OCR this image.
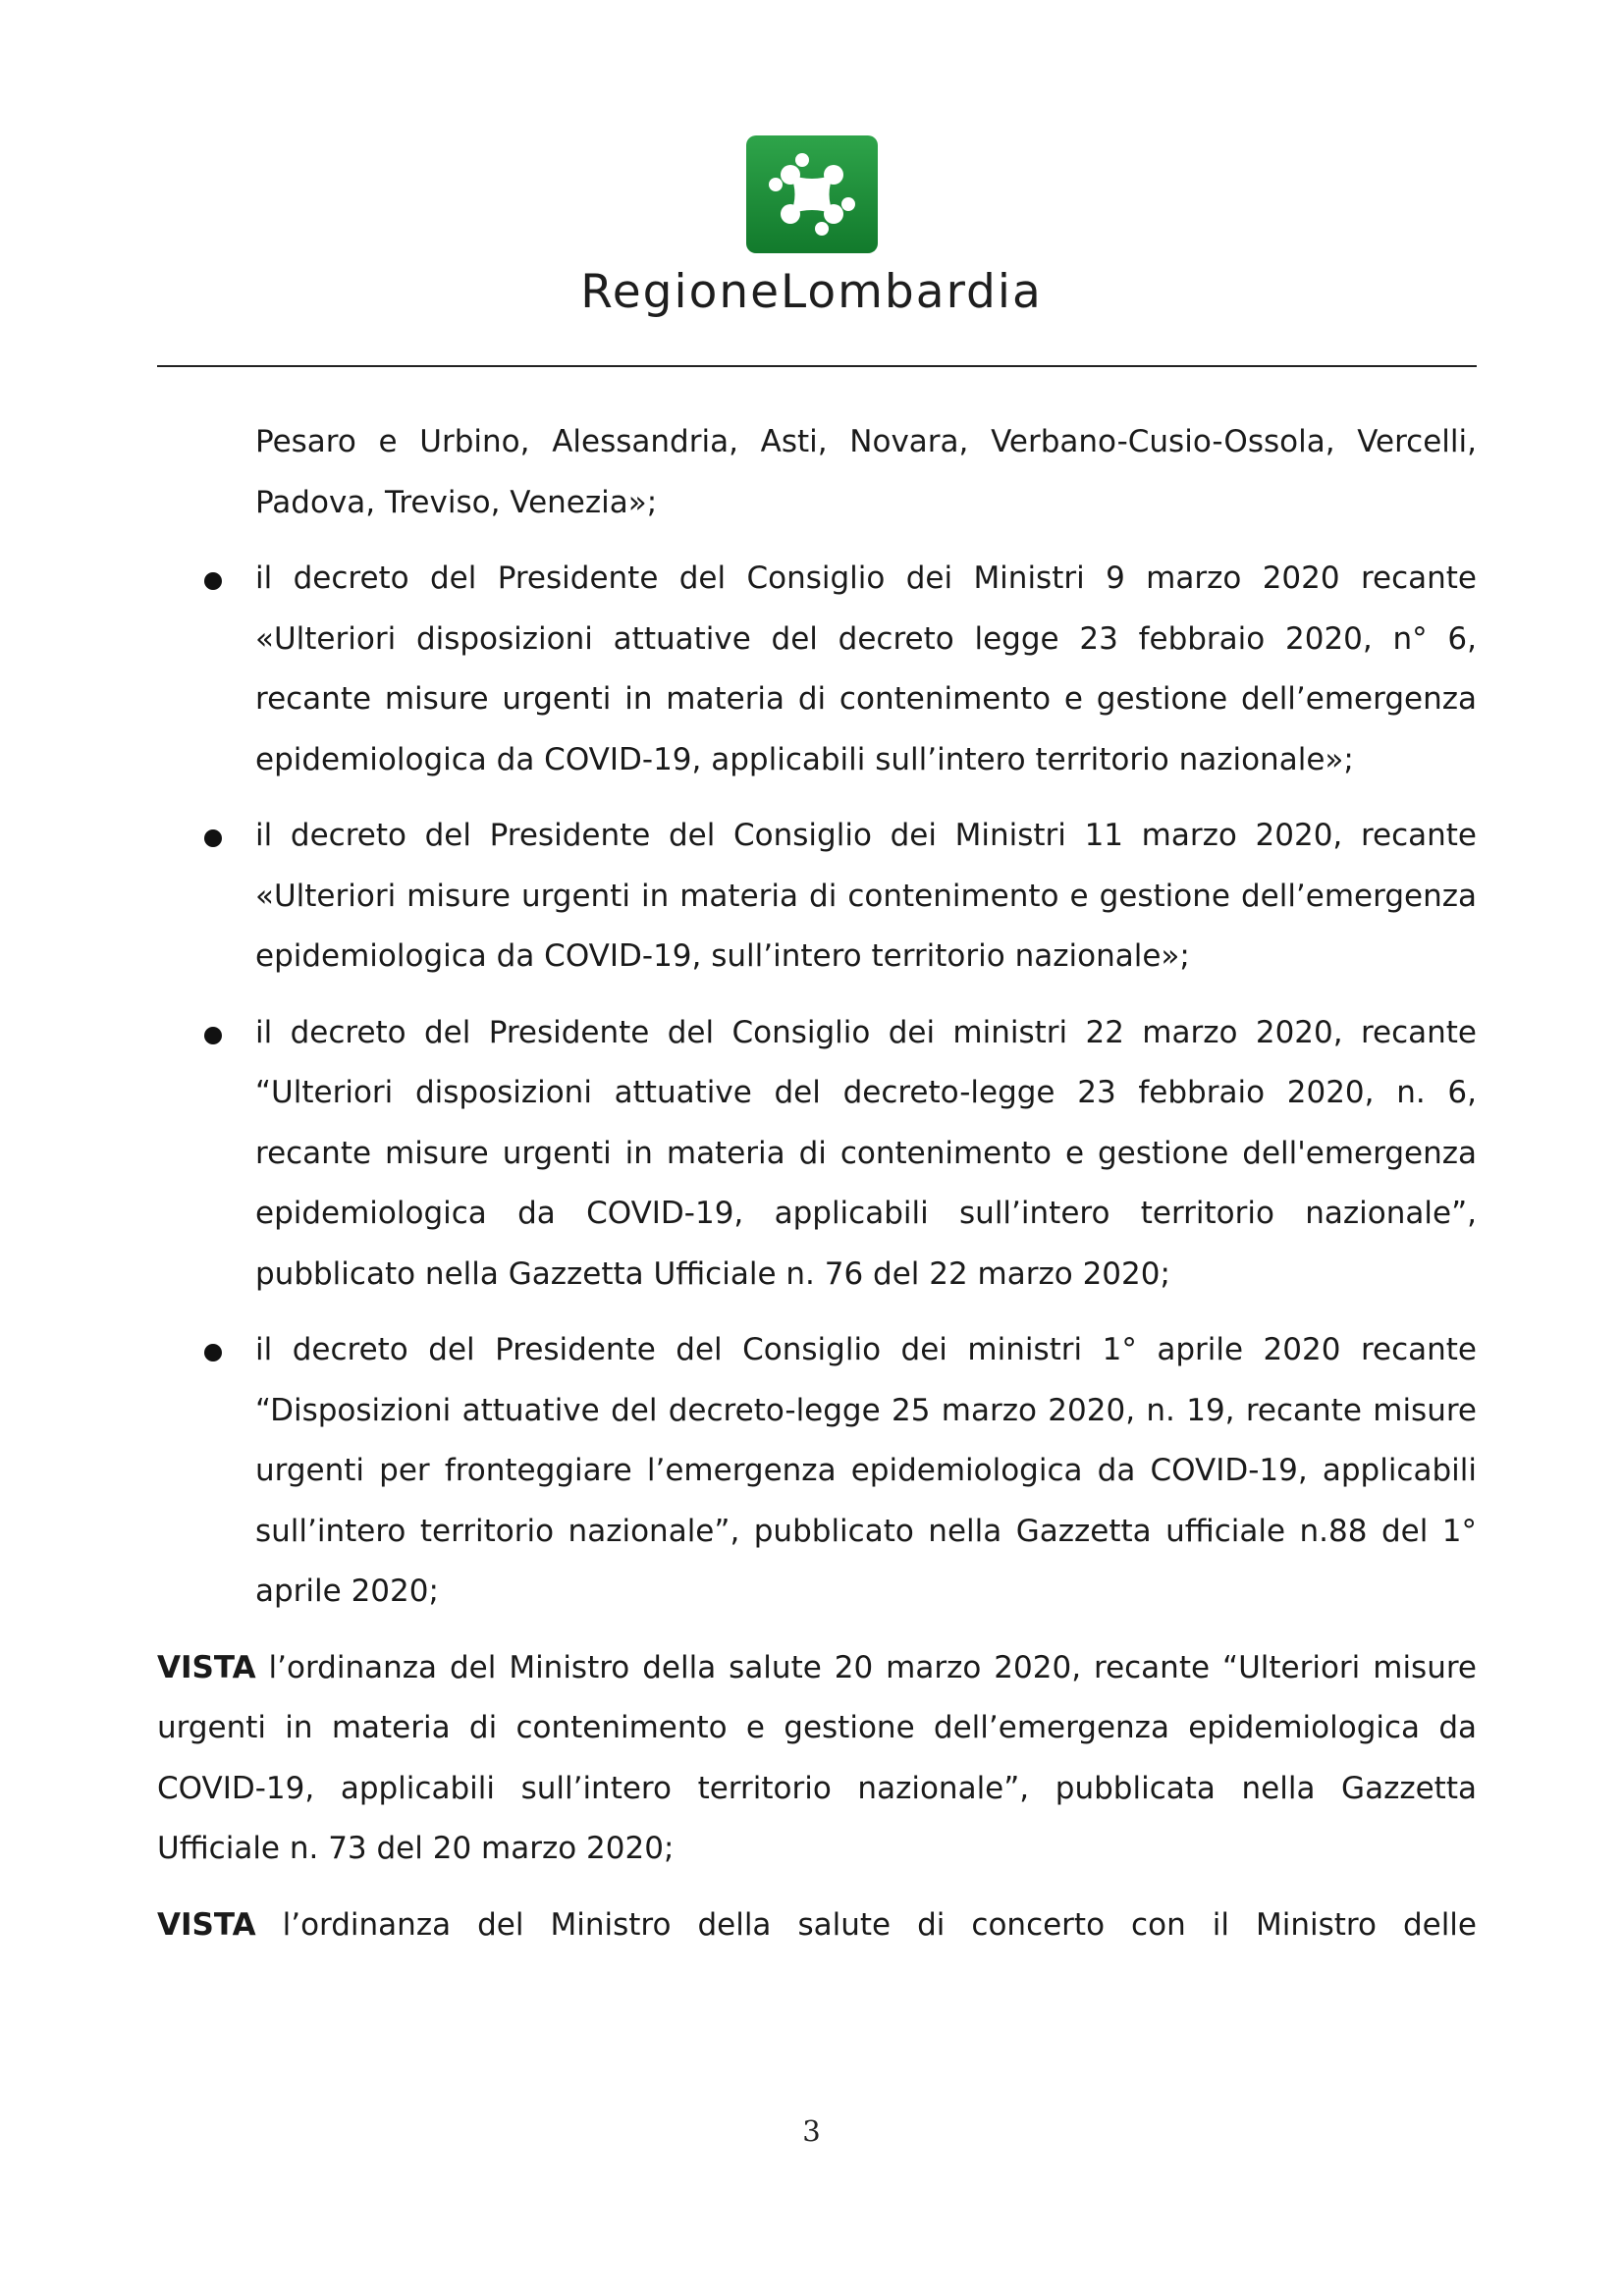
RegioneLombardia

Pesaro e Urbino, Alessandria, Asti, Novara, Verbano-Cusio-Ossola, Vercelli, Padova, Treviso, Venezia»;

il decreto del Presidente del Consiglio dei Ministri 9 marzo 2020 recante «Ulteriori disposizioni attuative del decreto legge 23 febbraio 2020, n° 6, recante misure urgenti in materia di contenimento e gestione dell’emergenza epidemiologica da COVID-19, applicabili sull’intero territorio nazionale»;
il decreto del Presidente del Consiglio dei Ministri 11 marzo 2020, recante «Ulteriori misure urgenti in materia di contenimento e gestione dell’emergenza epidemiologica da COVID-19, sull’intero territorio nazionale»;
il decreto del Presidente del Consiglio dei ministri 22 marzo 2020, recante “Ulteriori disposizioni attuative del decreto-legge 23 febbraio 2020, n. 6, recante misure urgenti in materia di contenimento e gestione dell'emergenza epidemiologica da COVID-19, applicabili sull’intero territorio nazionale”, pubblicato nella Gazzetta Ufficiale n. 76 del 22 marzo 2020;
il decreto del Presidente del Consiglio dei ministri 1° aprile 2020 recante “Disposizioni attuative del decreto-legge 25 marzo 2020, n. 19, recante misure urgenti per fronteggiare l’emergenza epidemiologica da COVID-19, applicabili sull’intero territorio nazionale”, pubblicato nella Gazzetta ufficiale n.88 del 1° aprile 2020;

VISTA l’ordinanza del Ministro della salute 20 marzo 2020, recante “Ulteriori misure urgenti in materia di contenimento e gestione dell’emergenza epidemiologica da COVID-19, applicabili sull’intero territorio nazionale”, pubblicata nella Gazzetta Ufficiale n. 73 del 20 marzo 2020;

VISTA l’ordinanza del Ministro della salute di concerto con il Ministro delle

3
